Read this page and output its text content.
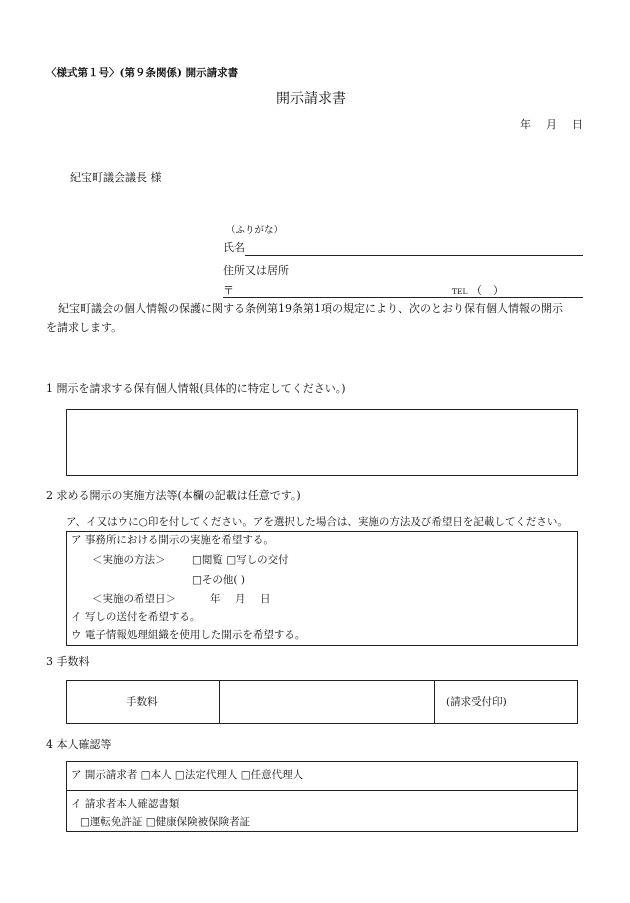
〈様式第１号〉(第９条関係) 開示請求書
開示請求書
年　月　日
紀宝町議会議長 様
（ふりがな）
氏名
住所又は居所
〒	TEL （　）
紀宝町議会の個人情報の保護に関する条例第19条第1項の規定により、次のとおり保有個人情報の開示
を請求します。
1 開示を請求する保有個人情報(具体的に特定してください。)
2 求める開示の実施方法等(本欄の記載は任意です。)
ア、イ又はウに○印を付してください。アを選択した場合は、実施の方法及び希望日を記載してください。
ア 事務所における開示の実施を希望する。
＜実施の方法＞	□閲覧 □写しの交付
□その他( )
＜実施の希望日＞	年　月　日
イ 写しの送付を希望する。
ウ 電子情報処理組織を使用した開示を希望する。
3 手数料
手数料	(請求受付印)
4 本人確認等
ア 開示請求者 □本人 □法定代理人 □任意代理人
イ 請求者本人確認書類
□運転免許証 □健康保険被保険者証
